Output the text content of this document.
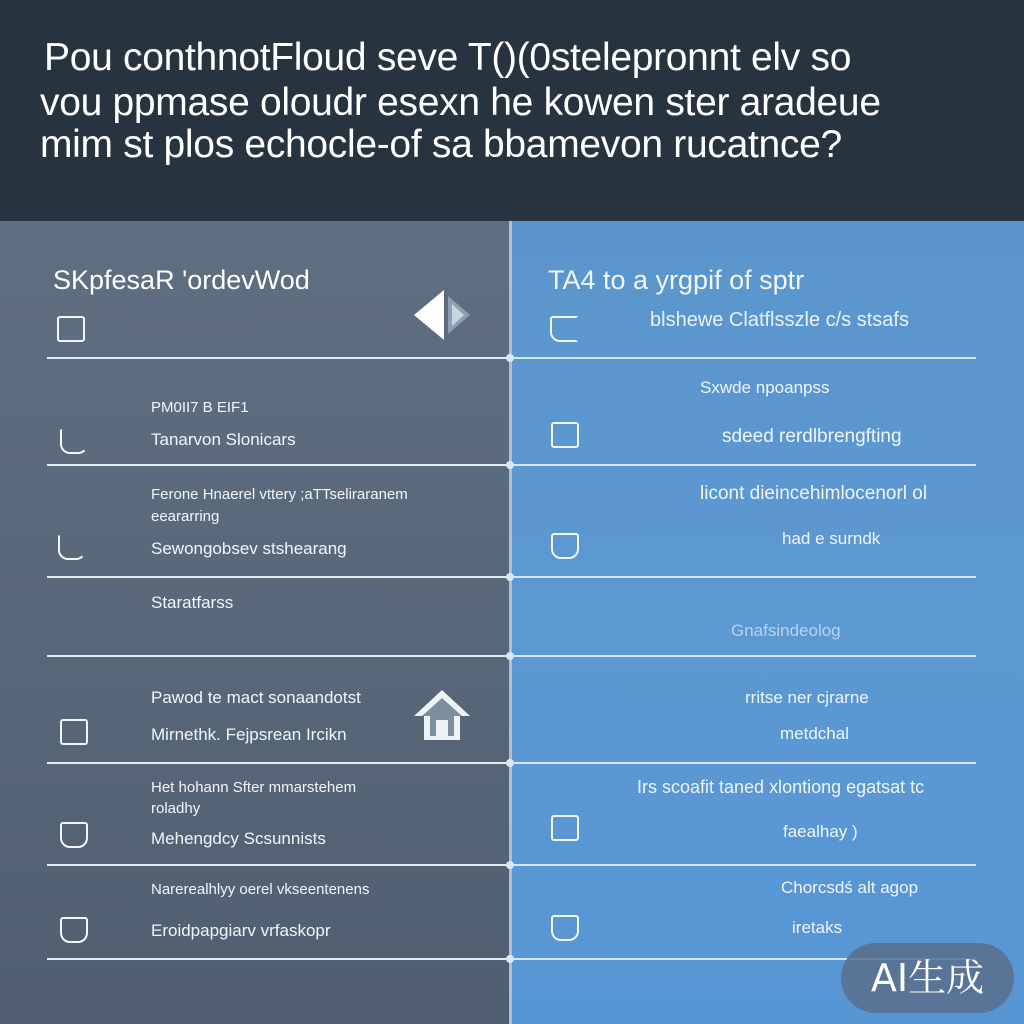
Pou conthnotFloud seve T()(0stelepronnt elv so
vou ppmase oloudr esexn he kowen ster aradeue
mim st plos echocle-of sa bbamevon rucatnce?
SKpfesaR 'ordevWod	TA4 to a yrgpif of sptr
blshewe Clatflsszle c/s stsafs
PM0II7 B EIF1
Tanarvon Slonicars
Sxwde npoanpss
sdeed rerdlbrengfting
Ferone Hnaerel vttery ;aTTseliraranem
eeararring
Sewongobsev stshearang
licont dieincehimlocenorl ol
had e surndk
Staratfarss
Gnafsindeolog
Pawod te mact sonaandotst
Mirnethk. Fejpsrean Ircikn
rritse ner cjrarne
metdchal
Het hohann Sfter mmarstehem
roladhy
Mehengdcy Scsunnists
Irs scoafit taned xlontiong egatsat tc
faealhay )
Narerealhlyy oerel vkseentenens
Eroidpapgiarv vrfaskopr
Chorcsdś alt agop
iretaks
AI生成
